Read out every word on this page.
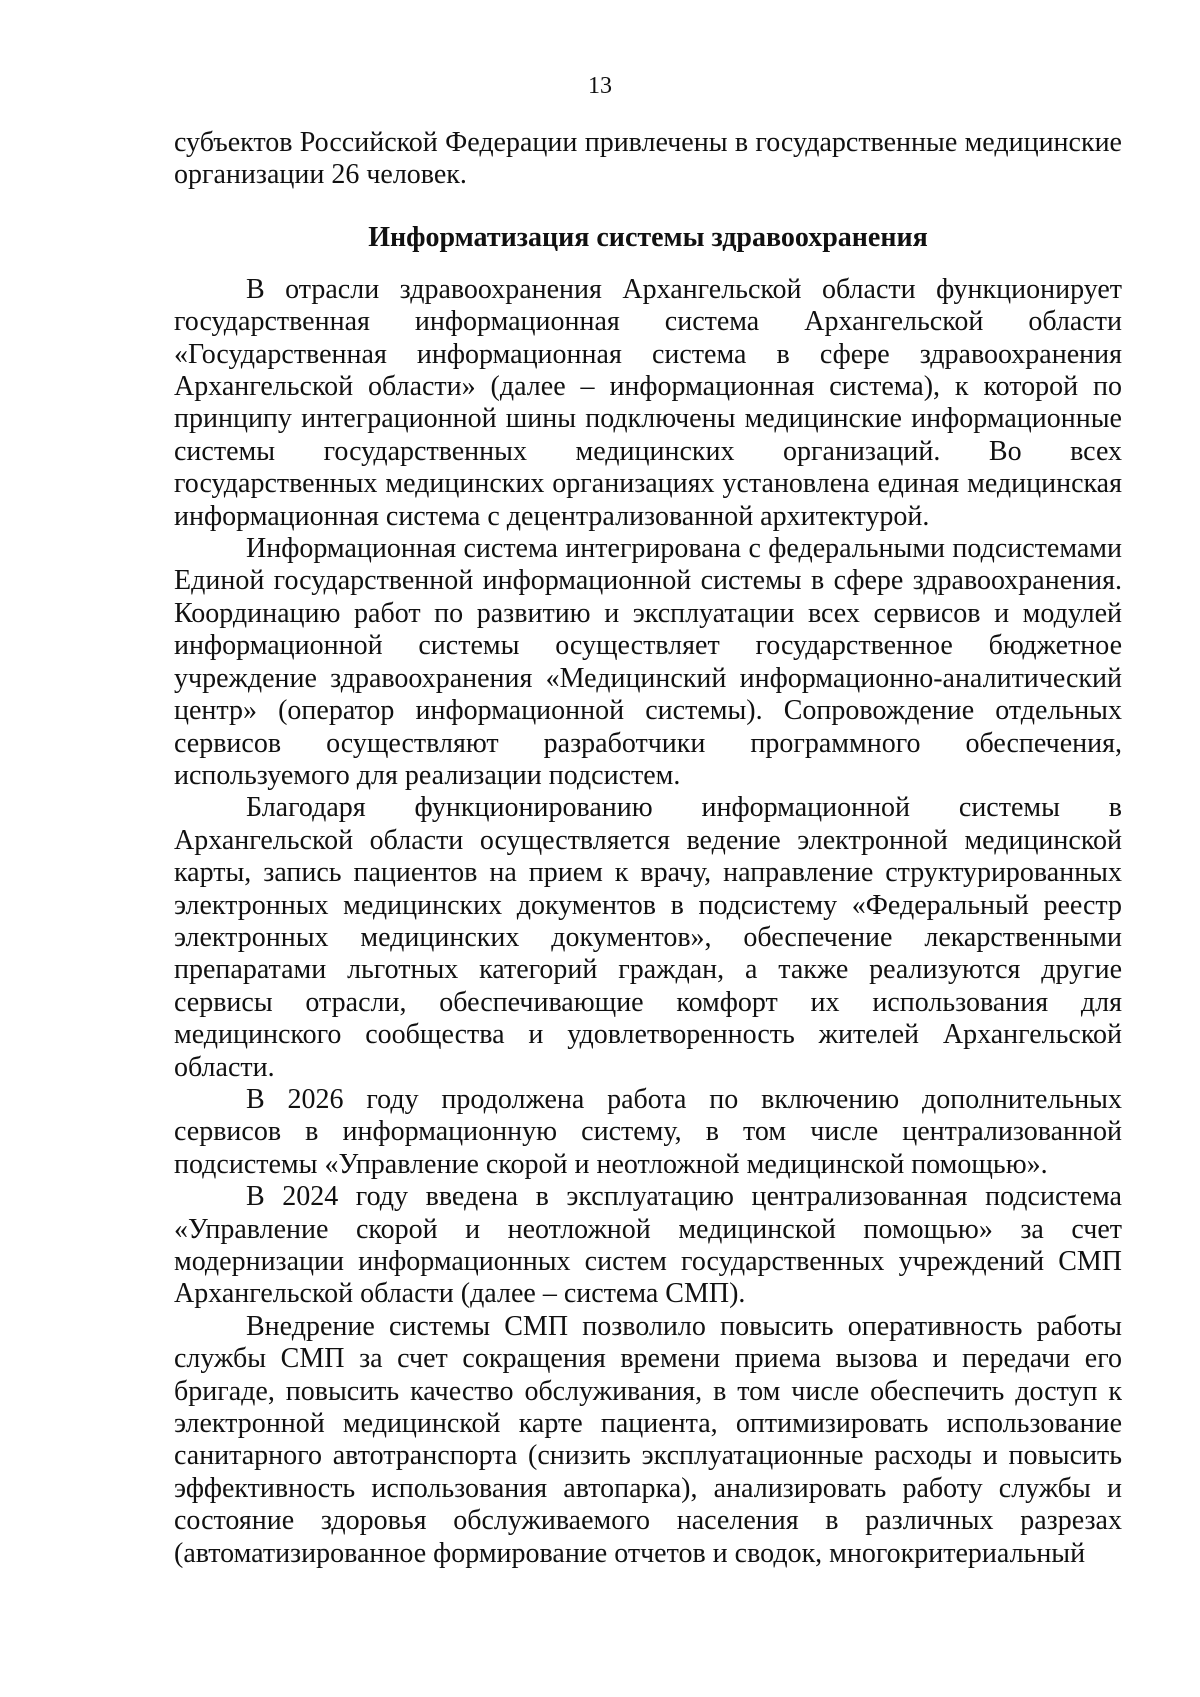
13

субъектов Российской Федерации привлечены в государственные медицинские организации 26 человек.

Информатизация системы здравоохранения

В отрасли здравоохранения Архангельской области функционирует государственная информационная система Архангельской области «Государственная информационная система в сфере здравоохранения Архангельской области» (далее – информационная система), к которой по принципу интеграционной шины подключены медицинские информационные системы государственных медицинских организаций. Во всех государственных медицинских организациях установлена единая медицинская информационная система с децентрализованной архитектурой.

Информационная система интегрирована с федеральными подсистемами Единой государственной информационной системы в сфере здравоохранения. Координацию работ по развитию и эксплуатации всех сервисов и модулей информационной системы осуществляет государственное бюджетное учреждение здравоохранения «Медицинский информационно-аналитический центр» (оператор информационной системы). Сопровождение отдельных сервисов осуществляют разработчики программного обеспечения, используемого для реализации подсистем.

Благодаря функционированию информационной системы в Архангельской области осуществляется ведение электронной медицинской карты, запись пациентов на прием к врачу, направление структурированных электронных медицинских документов в подсистему «Федеральный реестр электронных медицинских документов», обеспечение лекарственными препаратами льготных категорий граждан, а также реализуются другие сервисы отрасли, обеспечивающие комфорт их использования для медицинского сообщества и удовлетворенность жителей Архангельской области.

В 2026 году продолжена работа по включению дополнительных сервисов в информационную систему, в том числе централизованной подсистемы «Управление скорой и неотложной медицинской помощью».

В 2024 году введена в эксплуатацию централизованная подсистема «Управление скорой и неотложной медицинской помощью» за счет модернизации информационных систем государственных учреждений СМП Архангельской области (далее – система СМП).

Внедрение системы СМП позволило повысить оперативность работы службы СМП за счет сокращения времени приема вызова и передачи его бригаде, повысить качество обслуживания, в том числе обеспечить доступ к электронной медицинской карте пациента, оптимизировать использование санитарного автотранспорта (снизить эксплуатационные расходы и повысить эффективность использования автопарка), анализировать работу службы и состояние здоровья обслуживаемого населения в различных разрезах (автоматизированное формирование отчетов и сводок, многокритериальный
